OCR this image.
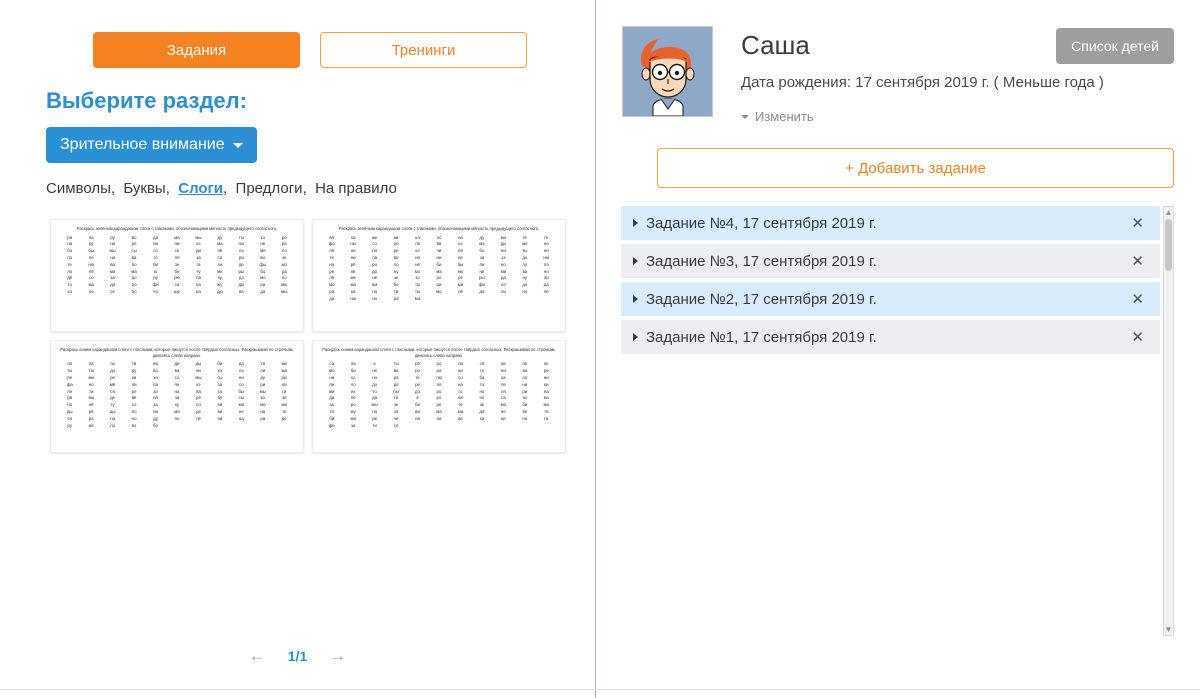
Задания	Тренинги
Выберите раздел:
Зрительное внимание
Символы,  Буквы,  Слоги,  Предлоги,  На правило
Раскрась зелёным карандашом слоги с гласными, обозначающими мягкость предыдущего согласного.
ри	па	ру	во	да	ма	мы	ду	ты	ко	ро
на	ру	ни	ре	ни	ни	кэ	ма	ны	не	ра
бо	бы	мы	сы	со	се	ди	пё	си	мя	ло
по	ле	на	ва	го	ля	за	са	ри	жо	зе
те	ню	ва	бо	би	зе	га	ли	де	фы	мо
ло	лё	ма	ма	ю	бе	ту	ми	ры	бо	ра
дё	со	за	до	ру	рю	ла	ку	дэ	мо	но
то	ма	да	ро	фи	са	на	жу	ды	ра	мю
ко	ло	се	бо	чо	ще	на	дю	ва	да	мы
Раскрась зелёным карандашом слоги с гласными, обозначающими мягкость предыдущего согласного.
вя	па	же	ки	ка	ло	на	ду	мо	те	ге
фо	ны	со	ро	ля	ва	ке	мэ	ди	ме	но
ля	ни	пя	ре	кэ	чи	ня	бо	ни	ты	ни
те	ни	ла	ви	ня	ни	пе	за	зэ	до	ню
но	рё	ро	ло	нё	би	бы	ли	но	лу	ля
ре	кё	до	ну	мо	ма	ню	не	ми	ва	но
ля	ме	не	зе	зэ	ро	ре	ры	да	ну	ли
мо	ма	ям	бе	ты	ри	ми	фи	со	до	да
ра	ка	ло	ти	ты	мо	лё	да	ли	но	лё
да	ню	но	ра	ма
Раскрась синим карандашом слоги с гласными, которые пишутся после твёрдых согласных. Раскрашивай по строчкам, двигаясь слева направо.
ло	па	ты	ти	ню	ди	ды	би	да	ти	ми
ты	ты	до	ру	во	ва	ни	кэ	си	ли	ма
ре	ми	ре	ки	хо	со	мы	сы	ни	ру	ры
фа	но	мё	ли	па	ле	кэ	за	со	ри	ли
ле	ти	ся	ре	за	на	ва	га	бы	мы	ги
ря	ми	де	вё	ня	за	ре	бу	сы	кэ	зе
но	нё	ту	со	за	ку	ло	ви	мя	ню	ми
ды	ря	ды	ло	ни	ма	де	ви	не	на	те
ся	ра	на	но	ду	по	лё	ни	на	ра	де
ру	на	ло	вэ	бо
Раскрась синим карандашом слоги с гласными, которые пишутся после твёрдых согласных. Раскрашивай по строчкам, двигаясь слева направо.
са	ли	е	ты	рё	ро	ли	ся	ки	ле	ке
мо	би	не	ва	ро	ра	ни	те	ни	ва	ре
ни	хо	но	ра	те	лю	со	ба	ка	ло	ни
ле	ло	до	ря	ре	ля	на	то	ле	ни	ки
ми	из	то	бы	до	ро	го	но	ля	ри	на
да	лё	да	те	е	ро	лю	но	са	зо	мэ
за	ро	мы	зе	би	ре	те	зе	мо	би	ми
тя	му	ло	зя	ви	ма	ма	дя	не	ве	тя
би	мя	ре	че	на	па	ве	хи	ки	но	га
фе	за	ти	ся
← 1/1 →
Саша
Дата рождения: 17 сентября 2019 г. ( Меньше года )
Изменить
Список детей
+ Добавить задание
Задание №4, 17 сентября 2019 г.	✕
Задание №3, 17 сентября 2019 г.	✕
Задание №2, 17 сентября 2019 г.	✕
Задание №1, 17 сентября 2019 г.	✕
▲
▼
